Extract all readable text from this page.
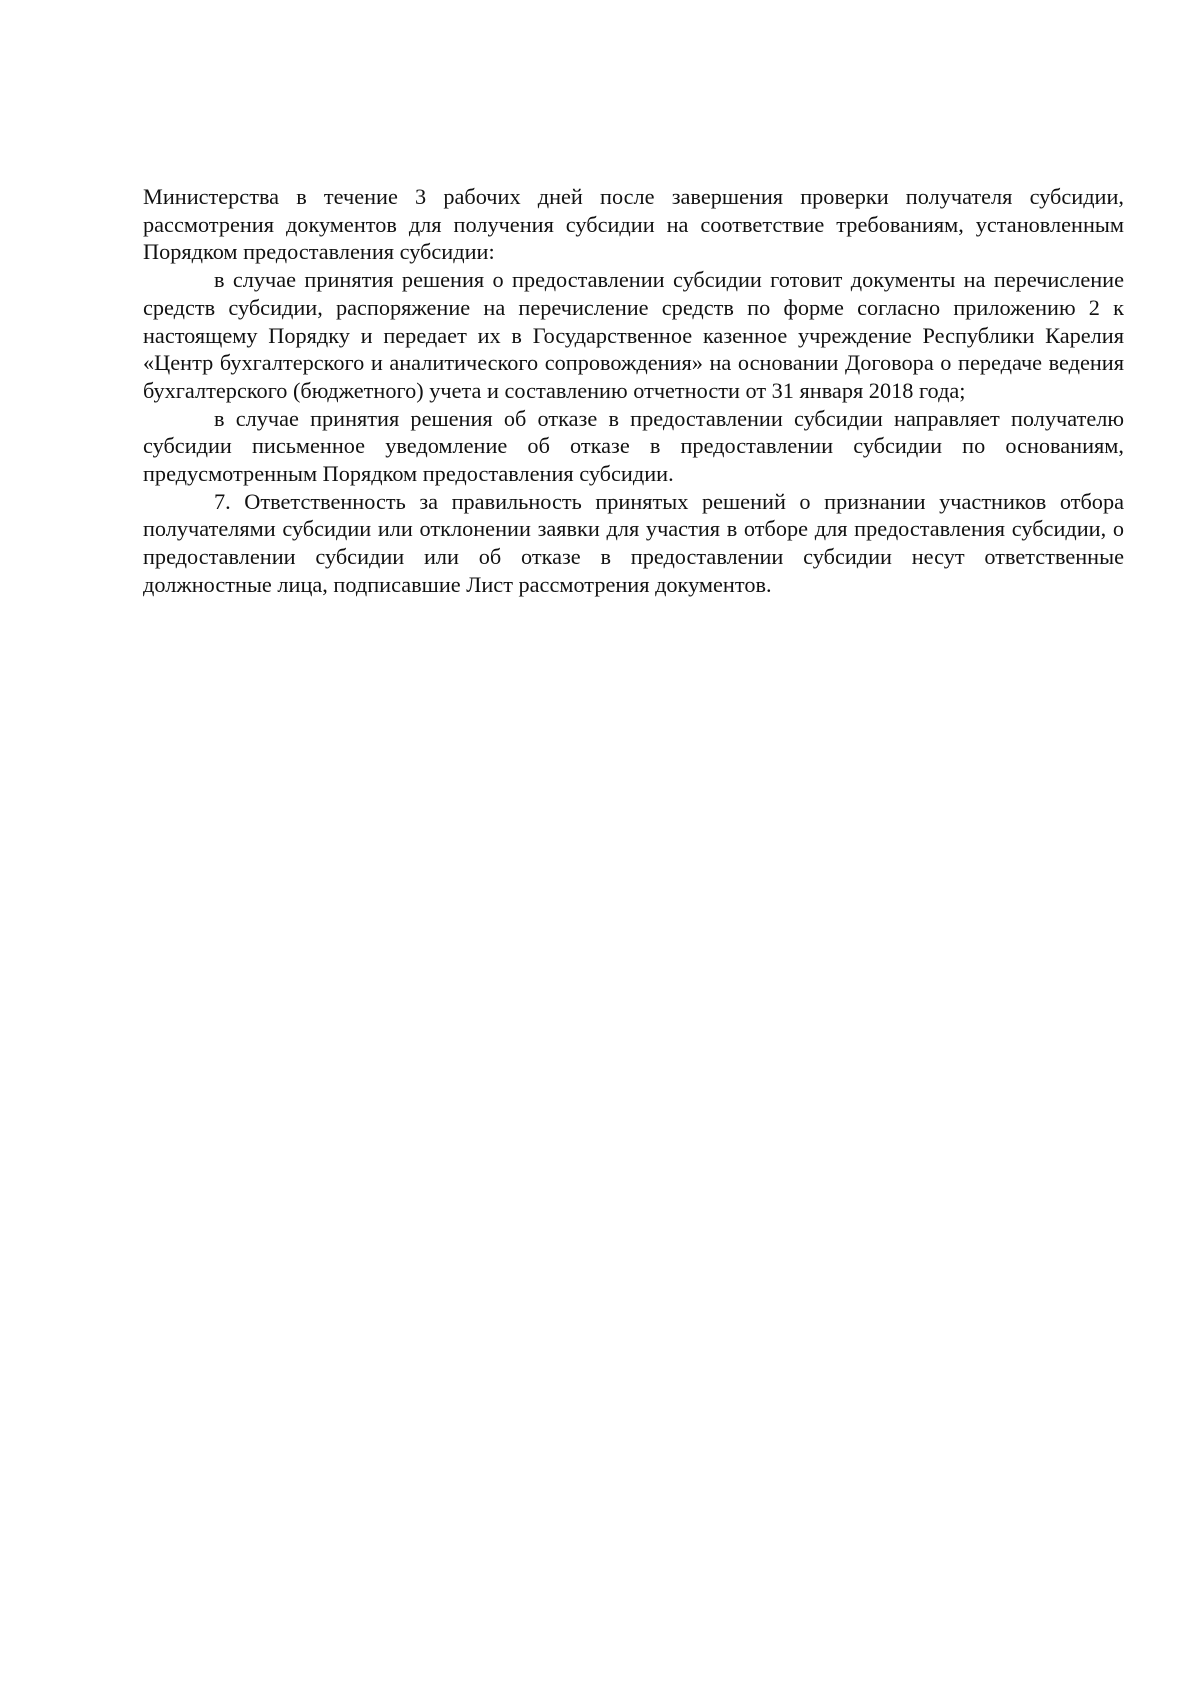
Министерства в течение 3 рабочих дней после завершения проверки получателя субсидии, рассмотрения документов для получения субсидии на соответствие требованиям, установленным Порядком предоставления субсидии:

в случае принятия решения о предоставлении субсидии готовит документы на перечисление средств субсидии, распоряжение на перечисление средств по форме согласно приложению 2 к настоящему Порядку и передает их в Государственное казенное учреждение Республики Карелия «Центр бухгалтерского и аналитического сопровождения» на основании Договора о передаче ведения бухгалтерского (бюджетного) учета и составлению отчетности от 31 января 2018 года;

в случае принятия решения об отказе в предоставлении субсидии направляет получателю субсидии письменное уведомление об отказе в предоставлении субсидии по основаниям, предусмотренным Порядком предоставления субсидии.

7. Ответственность за правильность принятых решений о признании участников отбора получателями субсидии или отклонении заявки для участия в отборе для предоставления субсидии, о предоставлении субсидии или об отказе в предоставлении субсидии несут ответственные должностные лица, подписавшие Лист рассмотрения документов.
